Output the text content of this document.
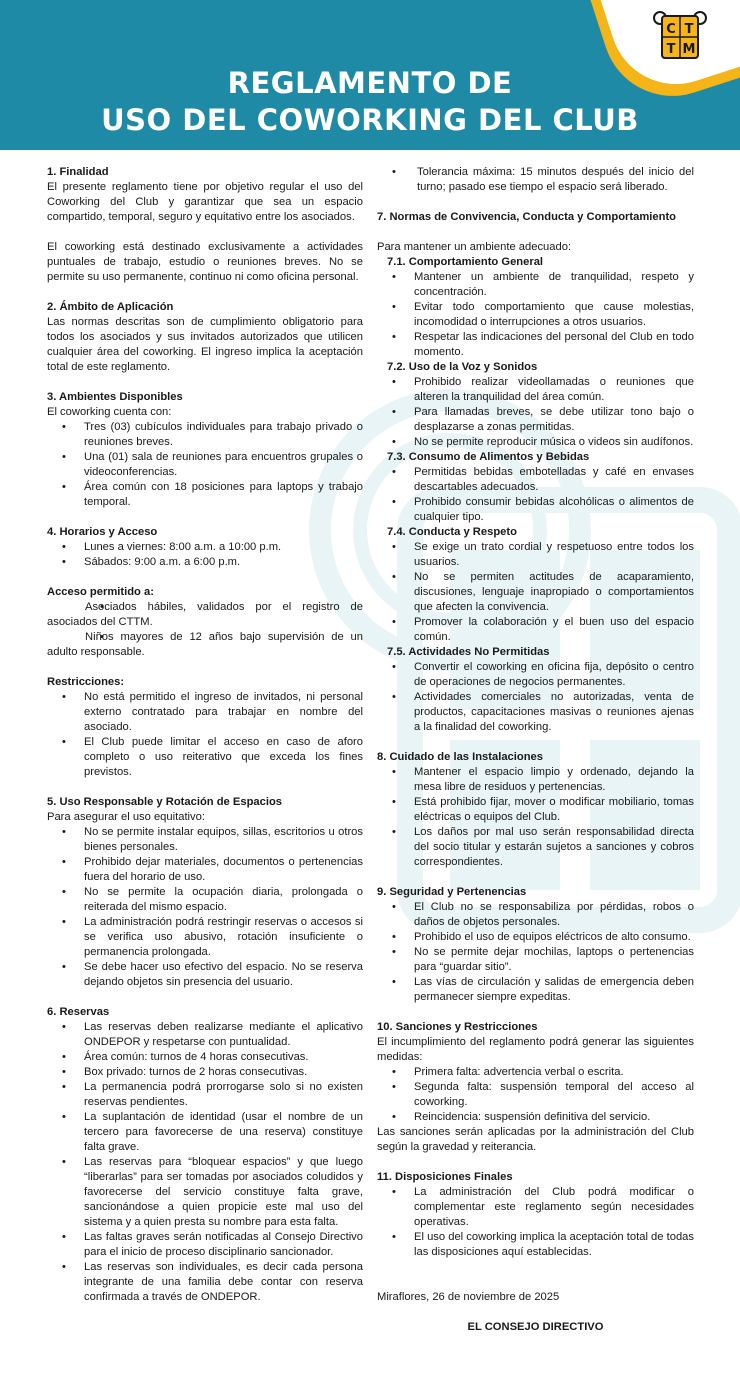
C T
T M
REGLAMENTO DE
USO DEL COWORKING DEL CLUB
1. Finalidad

El presente reglamento tiene por objetivo regular el uso del Coworking del Club y garantizar que sea un espacio compartido, temporal, seguro y equitativo entre los asociados.

El coworking está destinado exclusivamente a actividades puntuales de trabajo, estudio o reuniones breves. No se permite su uso permanente, continuo ni como oficina personal.

2. Ámbito de Aplicación

Las normas descritas son de cumplimiento obligatorio para todos los asociados y sus invitados autorizados que utilicen cualquier área del coworking. El ingreso implica la aceptación total de este reglamento.

3. Ambientes Disponibles

El coworking cuenta con:

• Tres (03) cubículos individuales para trabajo privado o reuniones breves.
• Una (01) sala de reuniones para encuentros grupales o videoconferencias.
• Área común con 18 posiciones para laptops y trabajo temporal.
4. Horarios y Acceso
• Lunes a viernes: 8:00 a.m. a 10:00 p.m.
• Sábados: 9:00 a.m. a 6:00 p.m.
Acceso permitido a:
• Asociados hábiles, validados por el registro de asociados del CTTM.
• Niños mayores de 12 años bajo supervisión de un adulto responsable.
Restricciones:
• No está permitido el ingreso de invitados, ni personal externo contratado para trabajar en nombre del asociado.
• El Club puede limitar el acceso en caso de aforo completo o uso reiterativo que exceda los fines previstos.
5. Uso Responsable y Rotación de Espacios

Para asegurar el uso equitativo:

• No se permite instalar equipos, sillas, escritorios u otros bienes personales.
• Prohibido dejar materiales, documentos o pertenencias fuera del horario de uso.
• No se permite la ocupación diaria, prolongada o reiterada del mismo espacio.
• La administración podrá restringir reservas o accesos si se verifica uso abusivo, rotación insuficiente o permanencia prolongada.
• Se debe hacer uso efectivo del espacio. No se reserva dejando objetos sin presencia del usuario.
6. Reservas
• Las reservas deben realizarse mediante el aplicativo ONDEPOR y respetarse con puntualidad.
• Área común: turnos de 4 horas consecutivas.
• Box privado: turnos de 2 horas consecutivas.
• La permanencia podrá prorrogarse solo si no existen reservas pendientes.
• La suplantación de identidad (usar el nombre de un tercero para favorecerse de una reserva) constituye falta grave.
• Las reservas para “bloquear espacios” y que luego “liberarlas” para ser tomadas por asociados coludidos y favorecerse del servicio constituye falta grave, sancionándose a quien propicie este mal uso del sistema y a quien presta su nombre para esta falta.
• Las faltas graves serán notificadas al Consejo Directivo para el inicio de proceso disciplinario sancionador.
• Las reservas son individuales, es decir cada persona integrante de una familia debe contar con reserva confirmada a través de ONDEPOR.
• Tolerancia máxima: 15 minutos después del inicio del turno; pasado ese tiempo el espacio será liberado.
7. Normas de Convivencia, Conducta y Comportamiento

Para mantener un ambiente adecuado:

7.1. Comportamiento General
• Mantener un ambiente de tranquilidad, respeto y concentración.
• Evitar todo comportamiento que cause molestias, incomodidad o interrupciones a otros usuarios.
• Respetar las indicaciones del personal del Club en todo momento.
7.2. Uso de la Voz y Sonidos
• Prohibido realizar videollamadas o reuniones que alteren la tranquilidad del área común.
• Para llamadas breves, se debe utilizar tono bajo o desplazarse a zonas permitidas.
• No se permite reproducir música o videos sin audífonos.
7.3. Consumo de Alimentos y Bebidas
• Permitidas bebidas embotelladas y café en envases descartables adecuados.
• Prohibido consumir bebidas alcohólicas o alimentos de cualquier tipo.
7.4. Conducta y Respeto
• Se exige un trato cordial y respetuoso entre todos los usuarios.
• No se permiten actitudes de acaparamiento, discusiones, lenguaje inapropiado o comportamientos que afecten la convivencia.
• Promover la colaboración y el buen uso del espacio común.
7.5. Actividades No Permitidas
• Convertir el coworking en oficina fija, depósito o centro de operaciones de negocios permanentes.
• Actividades comerciales no autorizadas, venta de productos, capacitaciones masivas o reuniones ajenas a la finalidad del coworking.
8. Cuidado de las Instalaciones
• Mantener el espacio limpio y ordenado, dejando la mesa libre de residuos y pertenencias.
• Está prohibido fijar, mover o modificar mobiliario, tomas eléctricas o equipos del Club.
• Los daños por mal uso serán responsabilidad directa del socio titular y estarán sujetos a sanciones y cobros correspondientes.
9. Seguridad y Pertenencias
• El Club no se responsabiliza por pérdidas, robos o daños de objetos personales.
• Prohibido el uso de equipos eléctricos de alto consumo.
• No se permite dejar mochilas, laptops o pertenencias para “guardar sitio”.
• Las vías de circulación y salidas de emergencia deben permanecer siempre expeditas.
10. Sanciones y Restricciones

El incumplimiento del reglamento podrá generar las siguientes medidas:

• Primera falta: advertencia verbal o escrita.
• Segunda falta: suspensión temporal del acceso al coworking.
• Reincidencia: suspensión definitiva del servicio.

Las sanciones serán aplicadas por la administración del Club según la gravedad y reiterancia.

11. Disposiciones Finales
• La administración del Club podrá modificar o complementar este reglamento según necesidades operativas.
• El uso del coworking implica la aceptación total de todas las disposiciones aquí establecidas.

Miraflores, 26 de noviembre de 2025

EL CONSEJO DIRECTIVO
